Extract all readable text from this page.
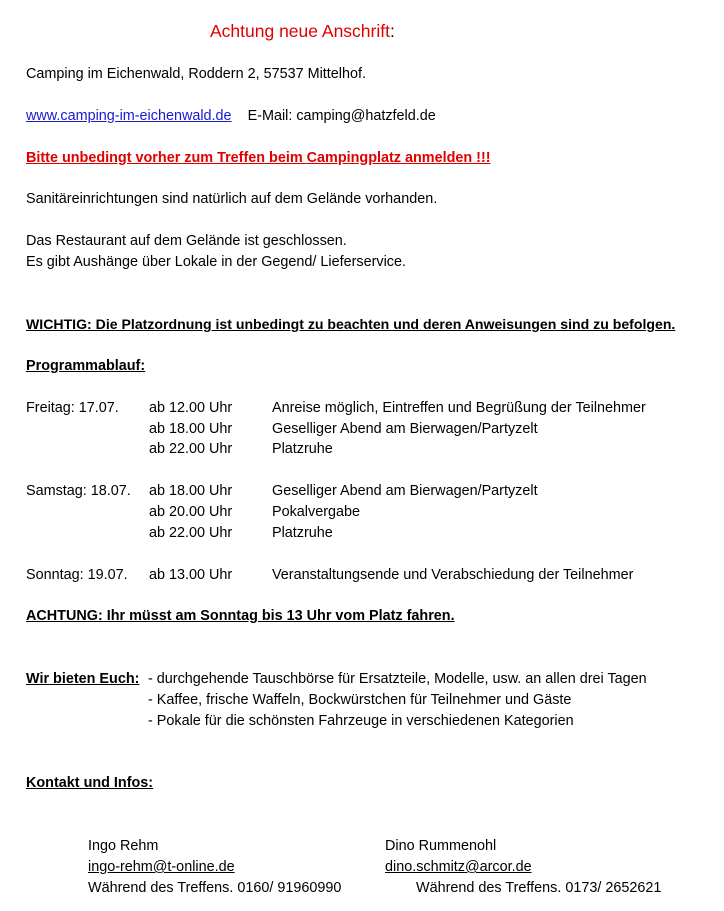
Achtung neue Anschrift:
Camping im Eichenwald, Roddern 2, 57537 Mittelhof.
www.camping-im-eichenwald.de E-Mail: camping@hatzfeld.de
Bitte unbedingt vorher zum Treffen beim Campingplatz anmelden !!!
Sanitäreinrichtungen sind natürlich auf dem Gelände vorhanden.
Das Restaurant auf dem Gelände ist geschlossen.
Es gibt Aushänge über Lokale in der Gegend/ Lieferservice.
WICHTIG: Die Platzordnung ist unbedingt zu beachten und deren Anweisungen sind zu befolgen.
Programmablauf:
Freitag: 17.07. ab 12.00 Uhr	Anreise möglich, Eintreffen und Begrüßung der Teilnehmer
ab 18.00 Uhr	Geselliger Abend am Bierwagen/Partyzelt
ab 22.00 Uhr	Platzruhe
Samstag: 18.07. ab 18.00 Uhr	Geselliger Abend am Bierwagen/Partyzelt
ab 20.00 Uhr	Pokalvergabe
ab 22.00 Uhr	Platzruhe
Sonntag: 19.07. ab 13.00 Uhr	Veranstaltungsende und Verabschiedung der Teilnehmer
ACHTUNG: Ihr müsst am Sonntag bis 13 Uhr vom Platz fahren.
Wir bieten Euch: - durchgehende Tauschbörse für Ersatzteile, Modelle, usw. an allen drei Tagen
- Kaffee, frische Waffeln, Bockwürstchen für Teilnehmer und Gäste
- Pokale für die schönsten Fahrzeuge in verschiedenen Kategorien
Kontakt und Infos:
Ingo Rehm
ingo-rehm@t-online.de
Während des Treffens. 0160/ 91960990
Dino Rummenohl
dino.schmitz@arcor.de
Während des Treffens. 0173/ 2652621
